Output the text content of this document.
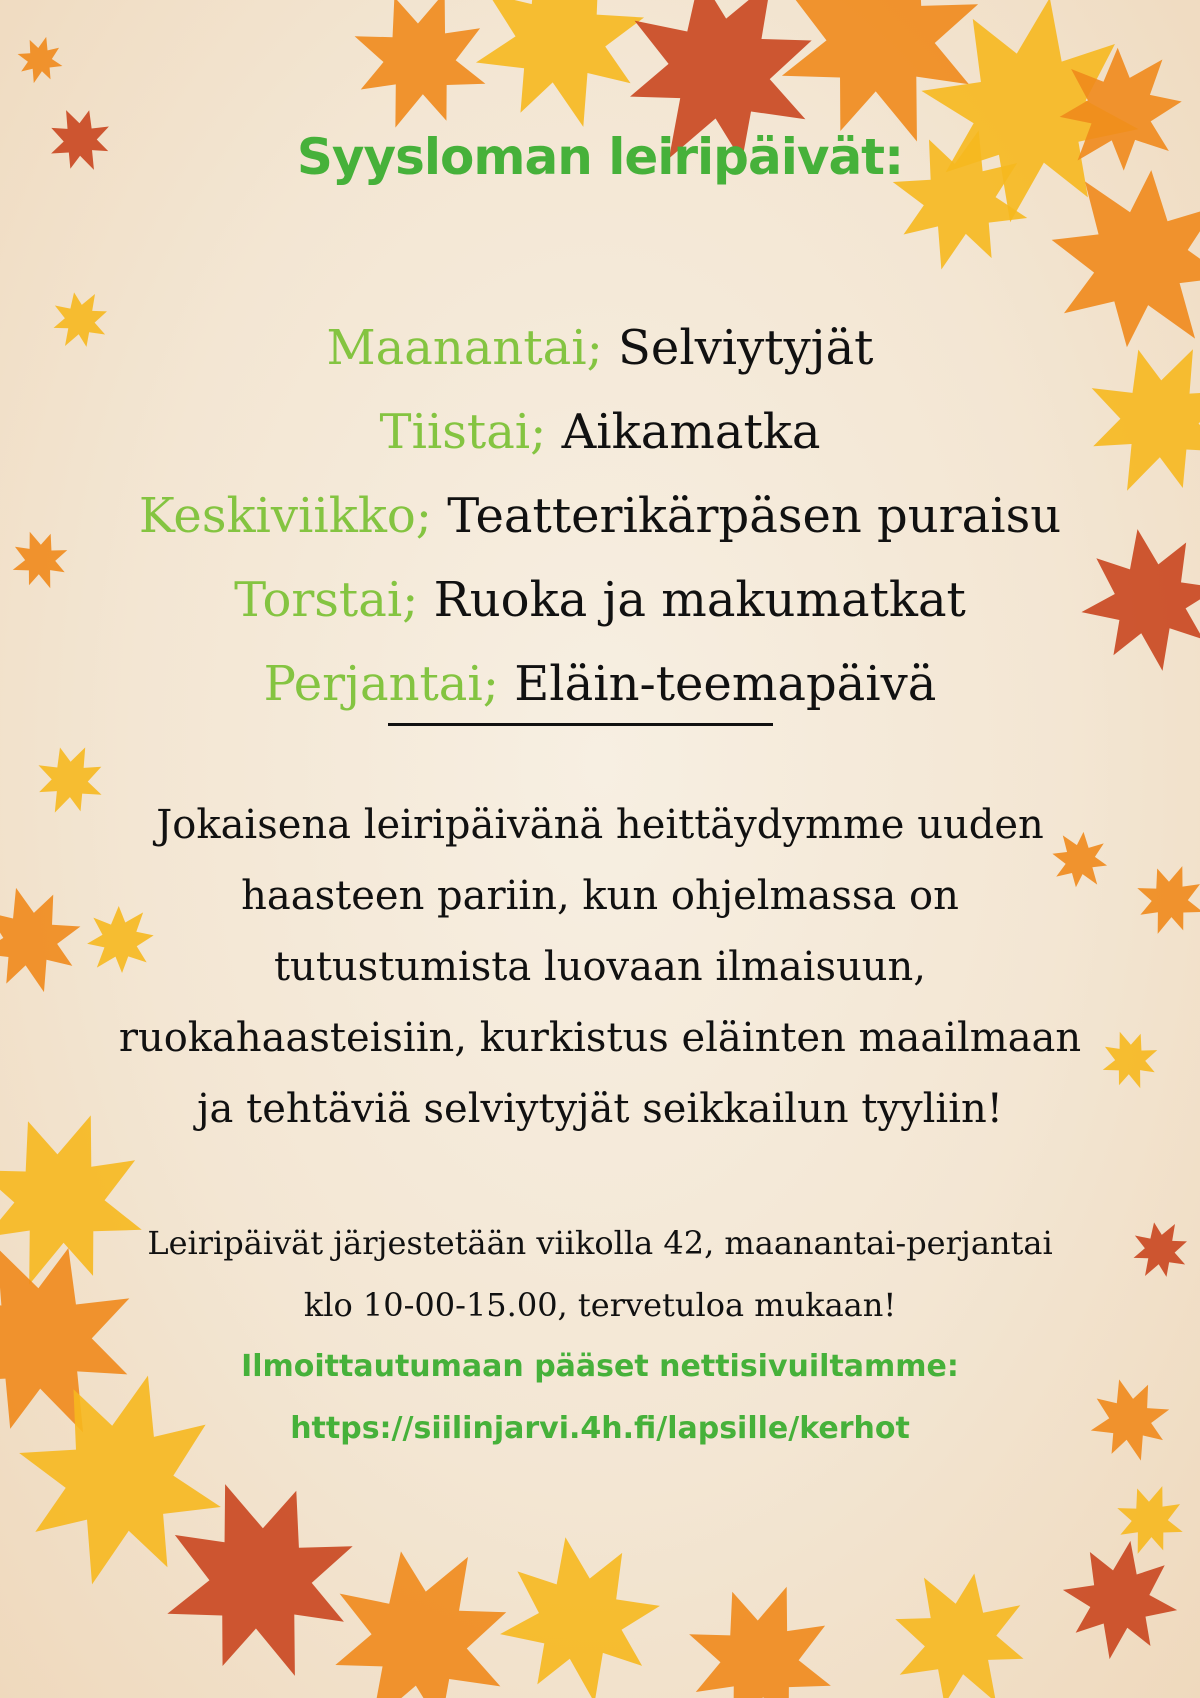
Syysloman leiripäivät:
Maanantai; Selviytyjät
Tiistai; Aikamatka
Keskiviikko; Teatterikärpäsen puraisu
Torstai; Ruoka ja makumatkat
Perjantai; Eläin-teemapäivä

Jokaisena leiripäivänä heittäydymme uuden
haasteen pariin, kun ohjelmassa on
tutustumista luovaan ilmaisuun,
ruokahaasteisiin, kurkistus eläinten maailmaan
ja tehtäviä selviytyjät seikkailun tyyliin!

Leiripäivät järjestetään viikolla 42, maanantai-perjantai
klo 10-00-15.00, tervetuloa mukaan!

Ilmoittautumaan pääset nettisivuiltamme:
https://siilinjarvi.4h.fi/lapsille/kerhot
